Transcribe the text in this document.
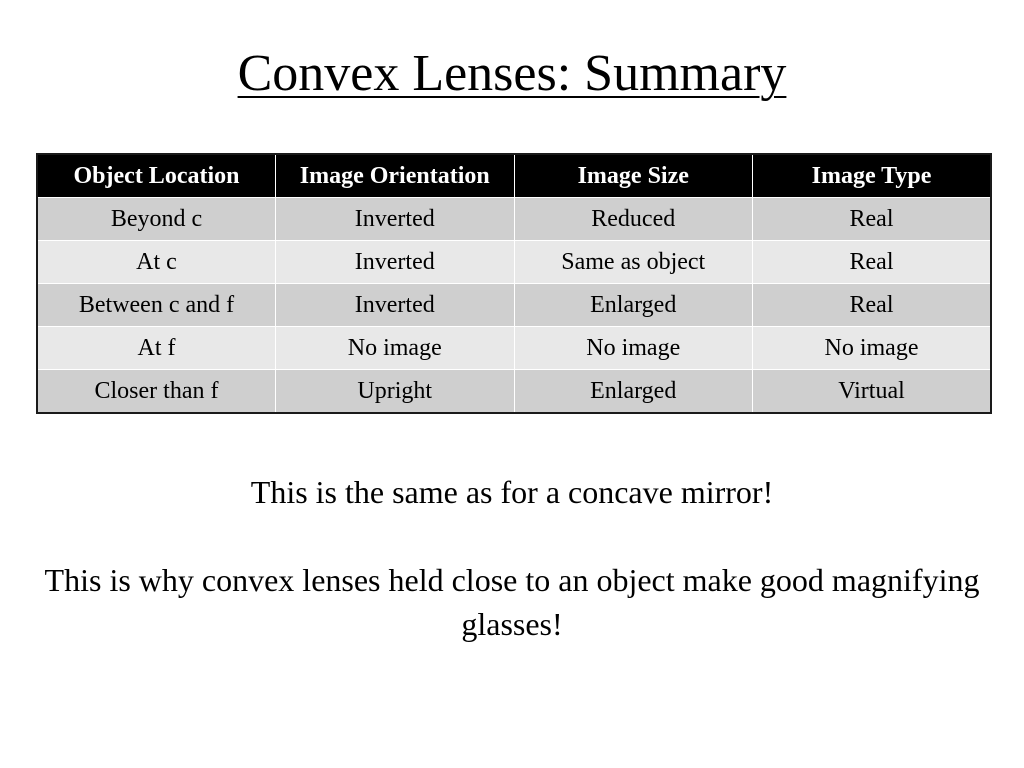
Convex Lenses: Summary
Object Location	Image Orientation	Image Size	Image Type
Beyond c	Inverted	Reduced	Real
At c	Inverted	Same as object	Real
Between c and f	Inverted	Enlarged	Real
At f	No image	No image	No image
Closer than f	Upright	Enlarged	Virtual

This is the same as for a concave mirror!

This is why convex lenses held close to an object make good magnifying glasses!
